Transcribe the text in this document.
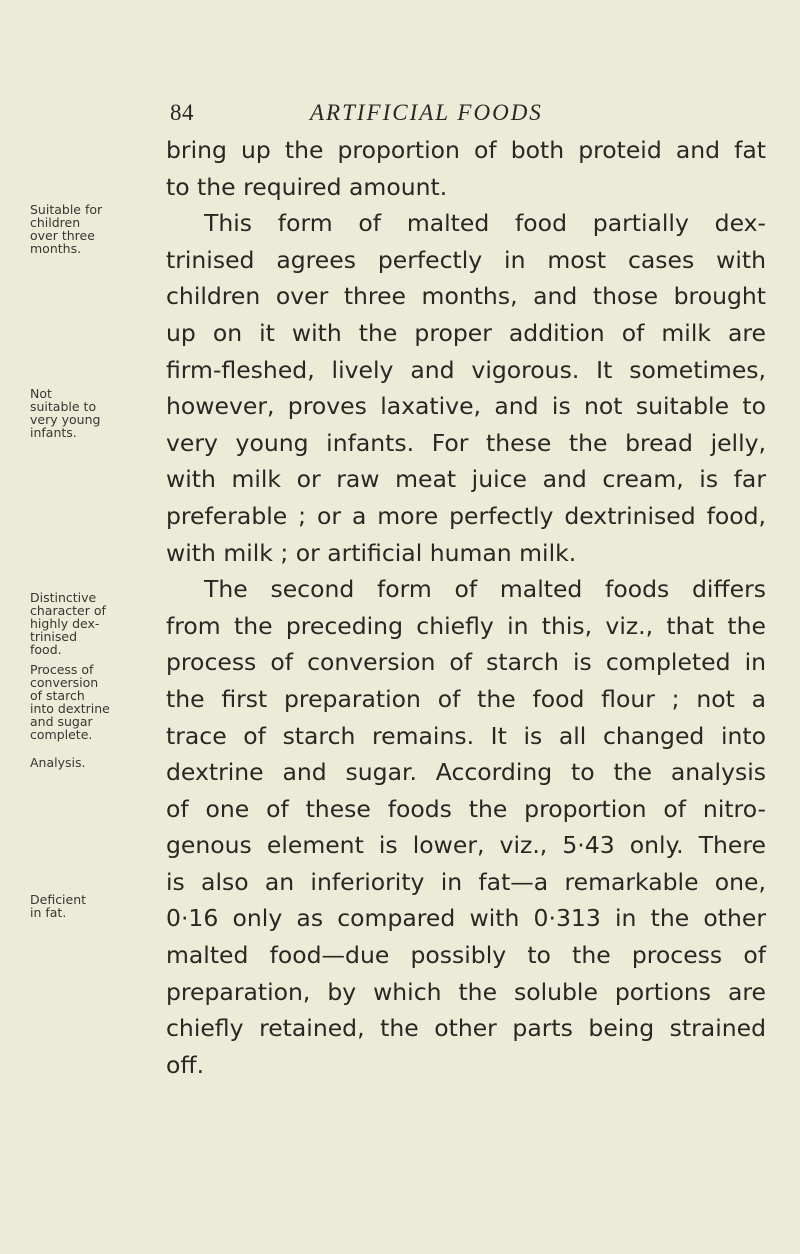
84	ARTIFICIAL FOODS
bring up the proportion of both proteid and fat
to the required amount.
This form of malted food partially dex-
trinised agrees perfectly in most cases with
children over three months, and those brought
up on it with the proper addition of milk are
firm-fleshed, lively and vigorous. It sometimes,
however, proves laxative, and is not suitable to
very young infants. For these the bread jelly,
with milk or raw meat juice and cream, is far
preferable ; or a more perfectly dextrinised food,
with milk ; or artificial human milk.
The second form of malted foods differs
from the preceding chiefly in this, viz., that the
process of conversion of starch is completed in
the first preparation of the food flour ; not a
trace of starch remains. It is all changed into
dextrine and sugar. According to the analysis
of one of these foods the proportion of nitro-
genous element is lower, viz., 5·43 only. There
is also an inferiority in fat—a remarkable one,
0·16 only as compared with 0·313 in the other
malted food—due possibly to the process of
preparation, by which the soluble portions are
chiefly retained, the other parts being strained
off.
Suitable for
children
over three
months.
Not
suitable to
very young
infants.
Distinctive
character of
highly dex-
trinised
food.
Process of
conversion
of starch
into dextrine
and sugar
complete.
Analysis.
Deficient
in fat.
